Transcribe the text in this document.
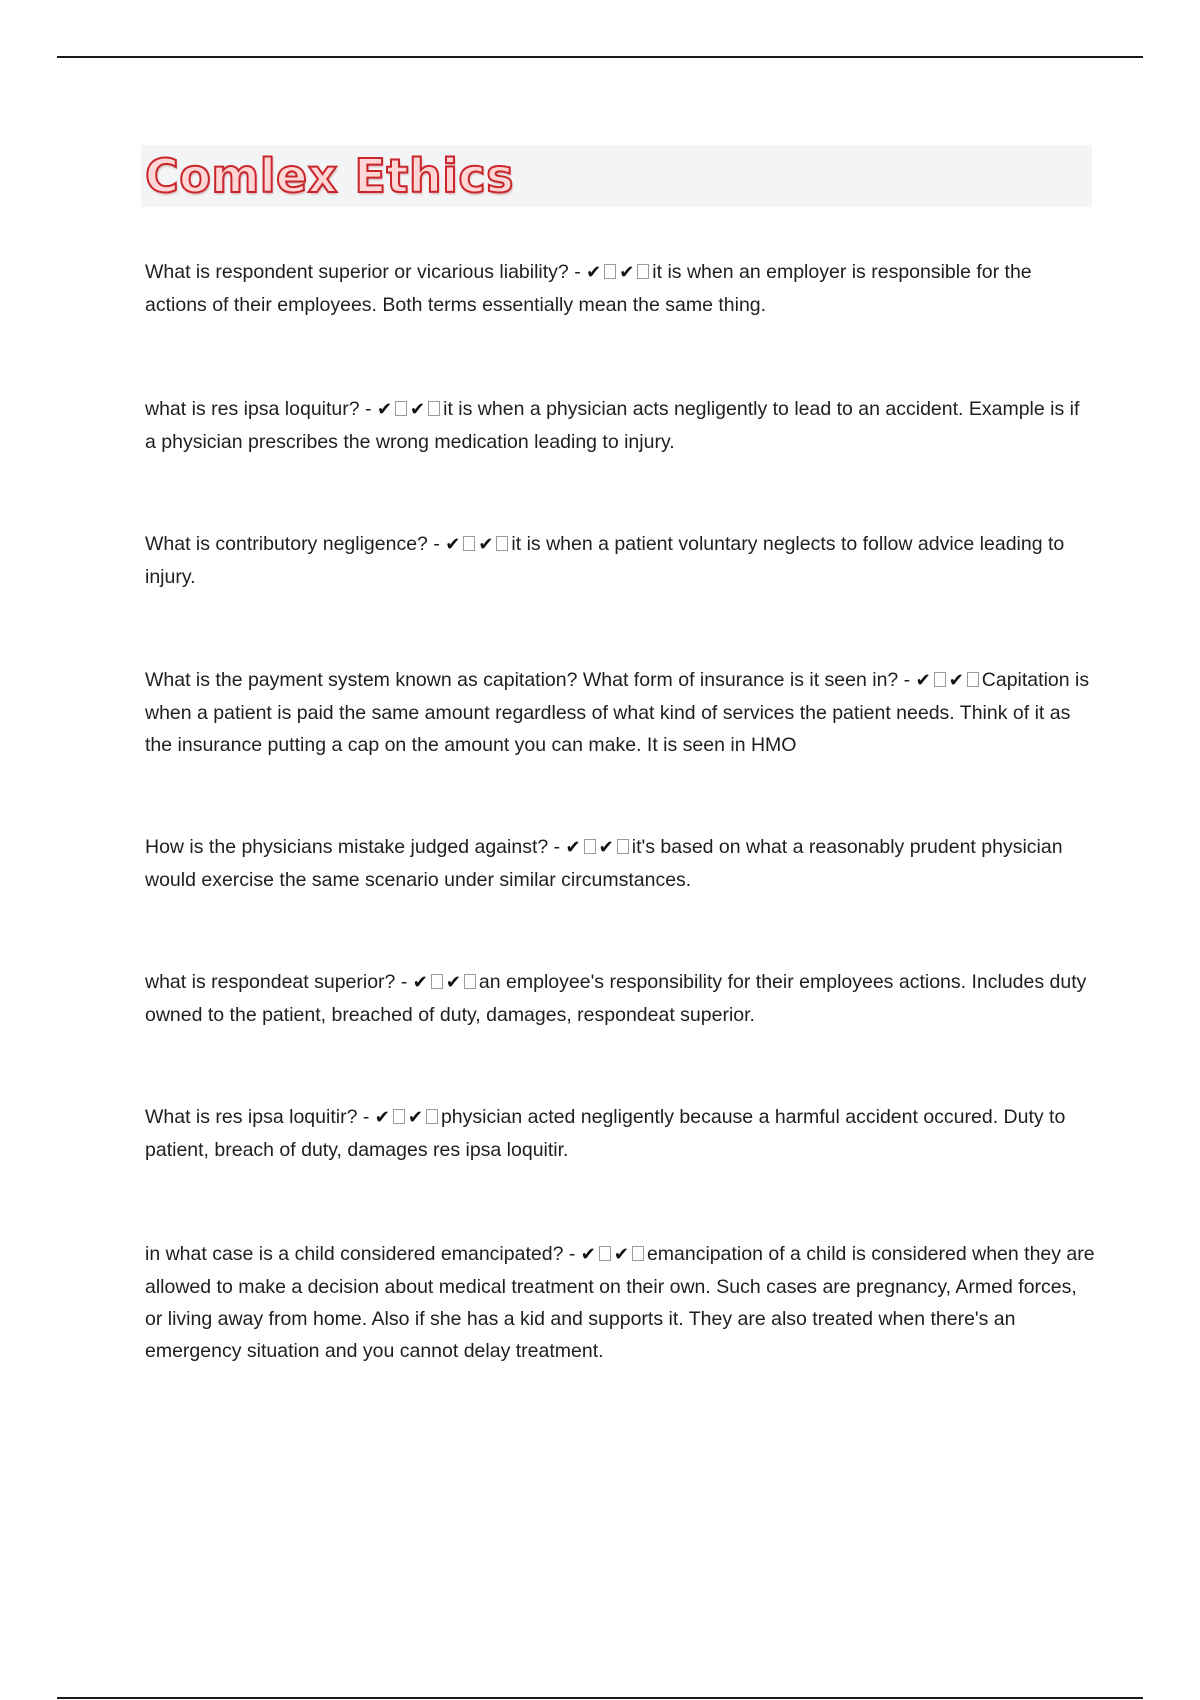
Comlex Ethics

What is respondent superior or vicarious liability? - ✔ ✔ it is when an employer is responsible for the actions of their employees. Both terms essentially mean the same thing.

what is res ipsa loquitur? - ✔ ✔ it is when a physician acts negligently to lead to an accident. Example is if a physician prescribes the wrong medication leading to injury.

What is contributory negligence? - ✔ ✔ it is when a patient voluntary neglects to follow advice leading to injury.

What is the payment system known as capitation? What form of insurance is it seen in? - ✔ ✔ Capitation is when a patient is paid the same amount regardless of what kind of services the patient needs. Think of it as the insurance putting a cap on the amount you can make. It is seen in HMO

How is the physicians mistake judged against? - ✔ ✔ it's based on what a reasonably prudent physician would exercise the same scenario under similar circumstances.

what is respondeat superior? - ✔ ✔ an employee's responsibility for their employees actions. Includes duty owned to the patient, breached of duty, damages, respondeat superior.

What is res ipsa loquitir? - ✔ ✔ physician acted negligently because a harmful accident occured. Duty to patient, breach of duty, damages res ipsa loquitir.

in what case is a child considered emancipated? - ✔ ✔ emancipation of a child is considered when they are allowed to make a decision about medical treatment on their own. Such cases are pregnancy, Armed forces, or living away from home. Also if she has a kid and supports it. They are also treated when there's an emergency situation and you cannot delay treatment.
